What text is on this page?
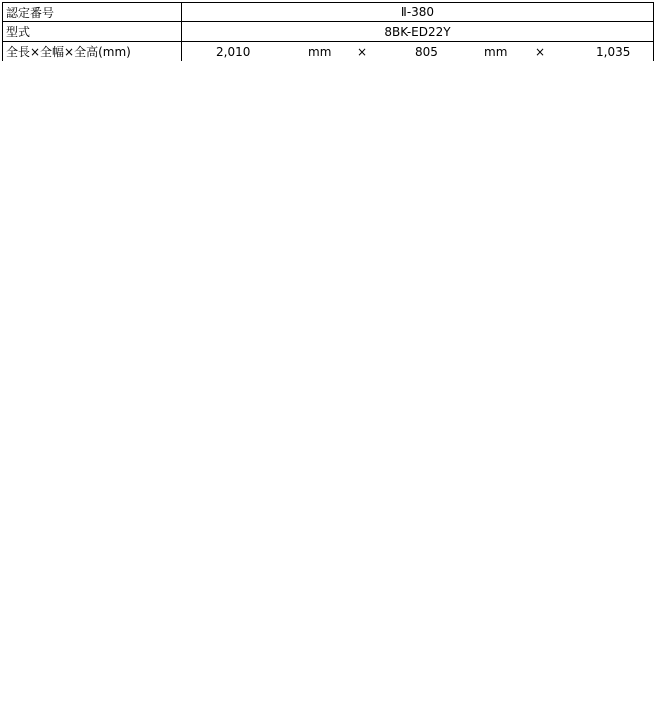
認定番号	Ⅱ-380
型式	8BK-ED22Y
全長×全幅×全高(mm)	2,010	mm ×	805	mm ×	1,035
